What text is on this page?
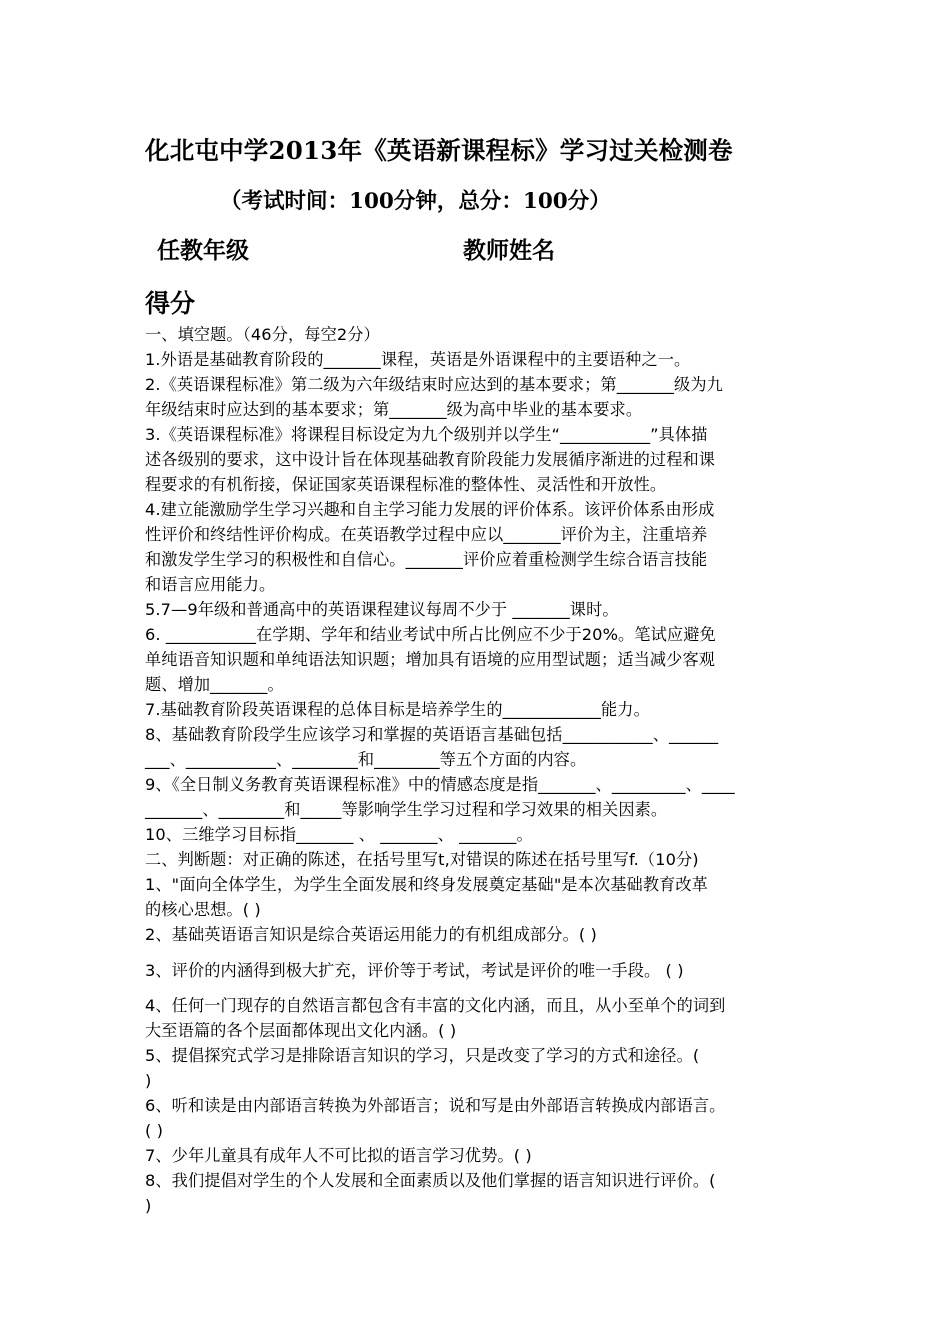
化北屯中学2013年《英语新课程标》学习过关检测卷
（考试时间：100分钟，总分：100分）
任教年级	教师姓名
得分
一、填空题。（46分，每空2分）
1.外语是基础教育阶段的_______课程，英语是外语课程中的主要语种之一。
2.《英语课程标准》第二级为六年级结束时应达到的基本要求；第_______级为九
年级结束时应达到的基本要求；第_______级为高中毕业的基本要求。
3.《英语课程标准》将课程目标设定为九个级别并以学生“___________”具体描
述各级别的要求，这中设计旨在体现基础教育阶段能力发展循序渐进的过程和课
程要求的有机衔接，保证国家英语课程标准的整体性、灵活性和开放性。
4.建立能激励学生学习兴趣和自主学习能力发展的评价体系。该评价体系由形成
性评价和终结性评价构成。在英语教学过程中应以_______评价为主，注重培养
和激发学生学习的积极性和自信心。_______评价应着重检测学生综合语言技能
和语言应用能力。
5.7—9年级和普通高中的英语课程建议每周不少于 _______课时。
6. ___________在学期、学年和结业考试中所占比例应不少于20%。笔试应避免
单纯语音知识题和单纯语法知识题；增加具有语境的应用型试题；适当减少客观
题、增加_______。
7.基础教育阶段英语课程的总体目标是培养学生的____________能力。
8、基础教育阶段学生应该学习和掌握的英语语言基础包括___________、______
___、___________、________和________等五个方面的内容。
9、《全日制义务教育英语课程标准》中的情感态度是指_______、_________、____
_______、________和_____等影响学生学习过程和学习效果的相关因素。
10、三维学习目标指_______ 、 _______、 _______。
二、判断题：对正确的陈述，在括号里写t,对错误的陈述在括号里写f.（10分)
1、"面向全体学生，为学生全面发展和终身发展奠定基础"是本次基础教育改革
的核心思想。( )
2、基础英语语言知识是综合英语运用能力的有机组成部分。( )
3、评价的内涵得到极大扩充，评价等于考试，考试是评价的唯一手段。 ( )
4、任何一门现存的自然语言都包含有丰富的文化内涵，而且，从小至单个的词到
大至语篇的各个层面都体现出文化内涵。( )
5、提倡探究式学习是排除语言知识的学习，只是改变了学习的方式和途径。(
)
6、听和读是由内部语言转换为外部语言；说和写是由外部语言转换成内部语言。
( )
7、少年儿童具有成年人不可比拟的语言学习优势。( )
8、我们提倡对学生的个人发展和全面素质以及他们掌握的语言知识进行评价。(
)
